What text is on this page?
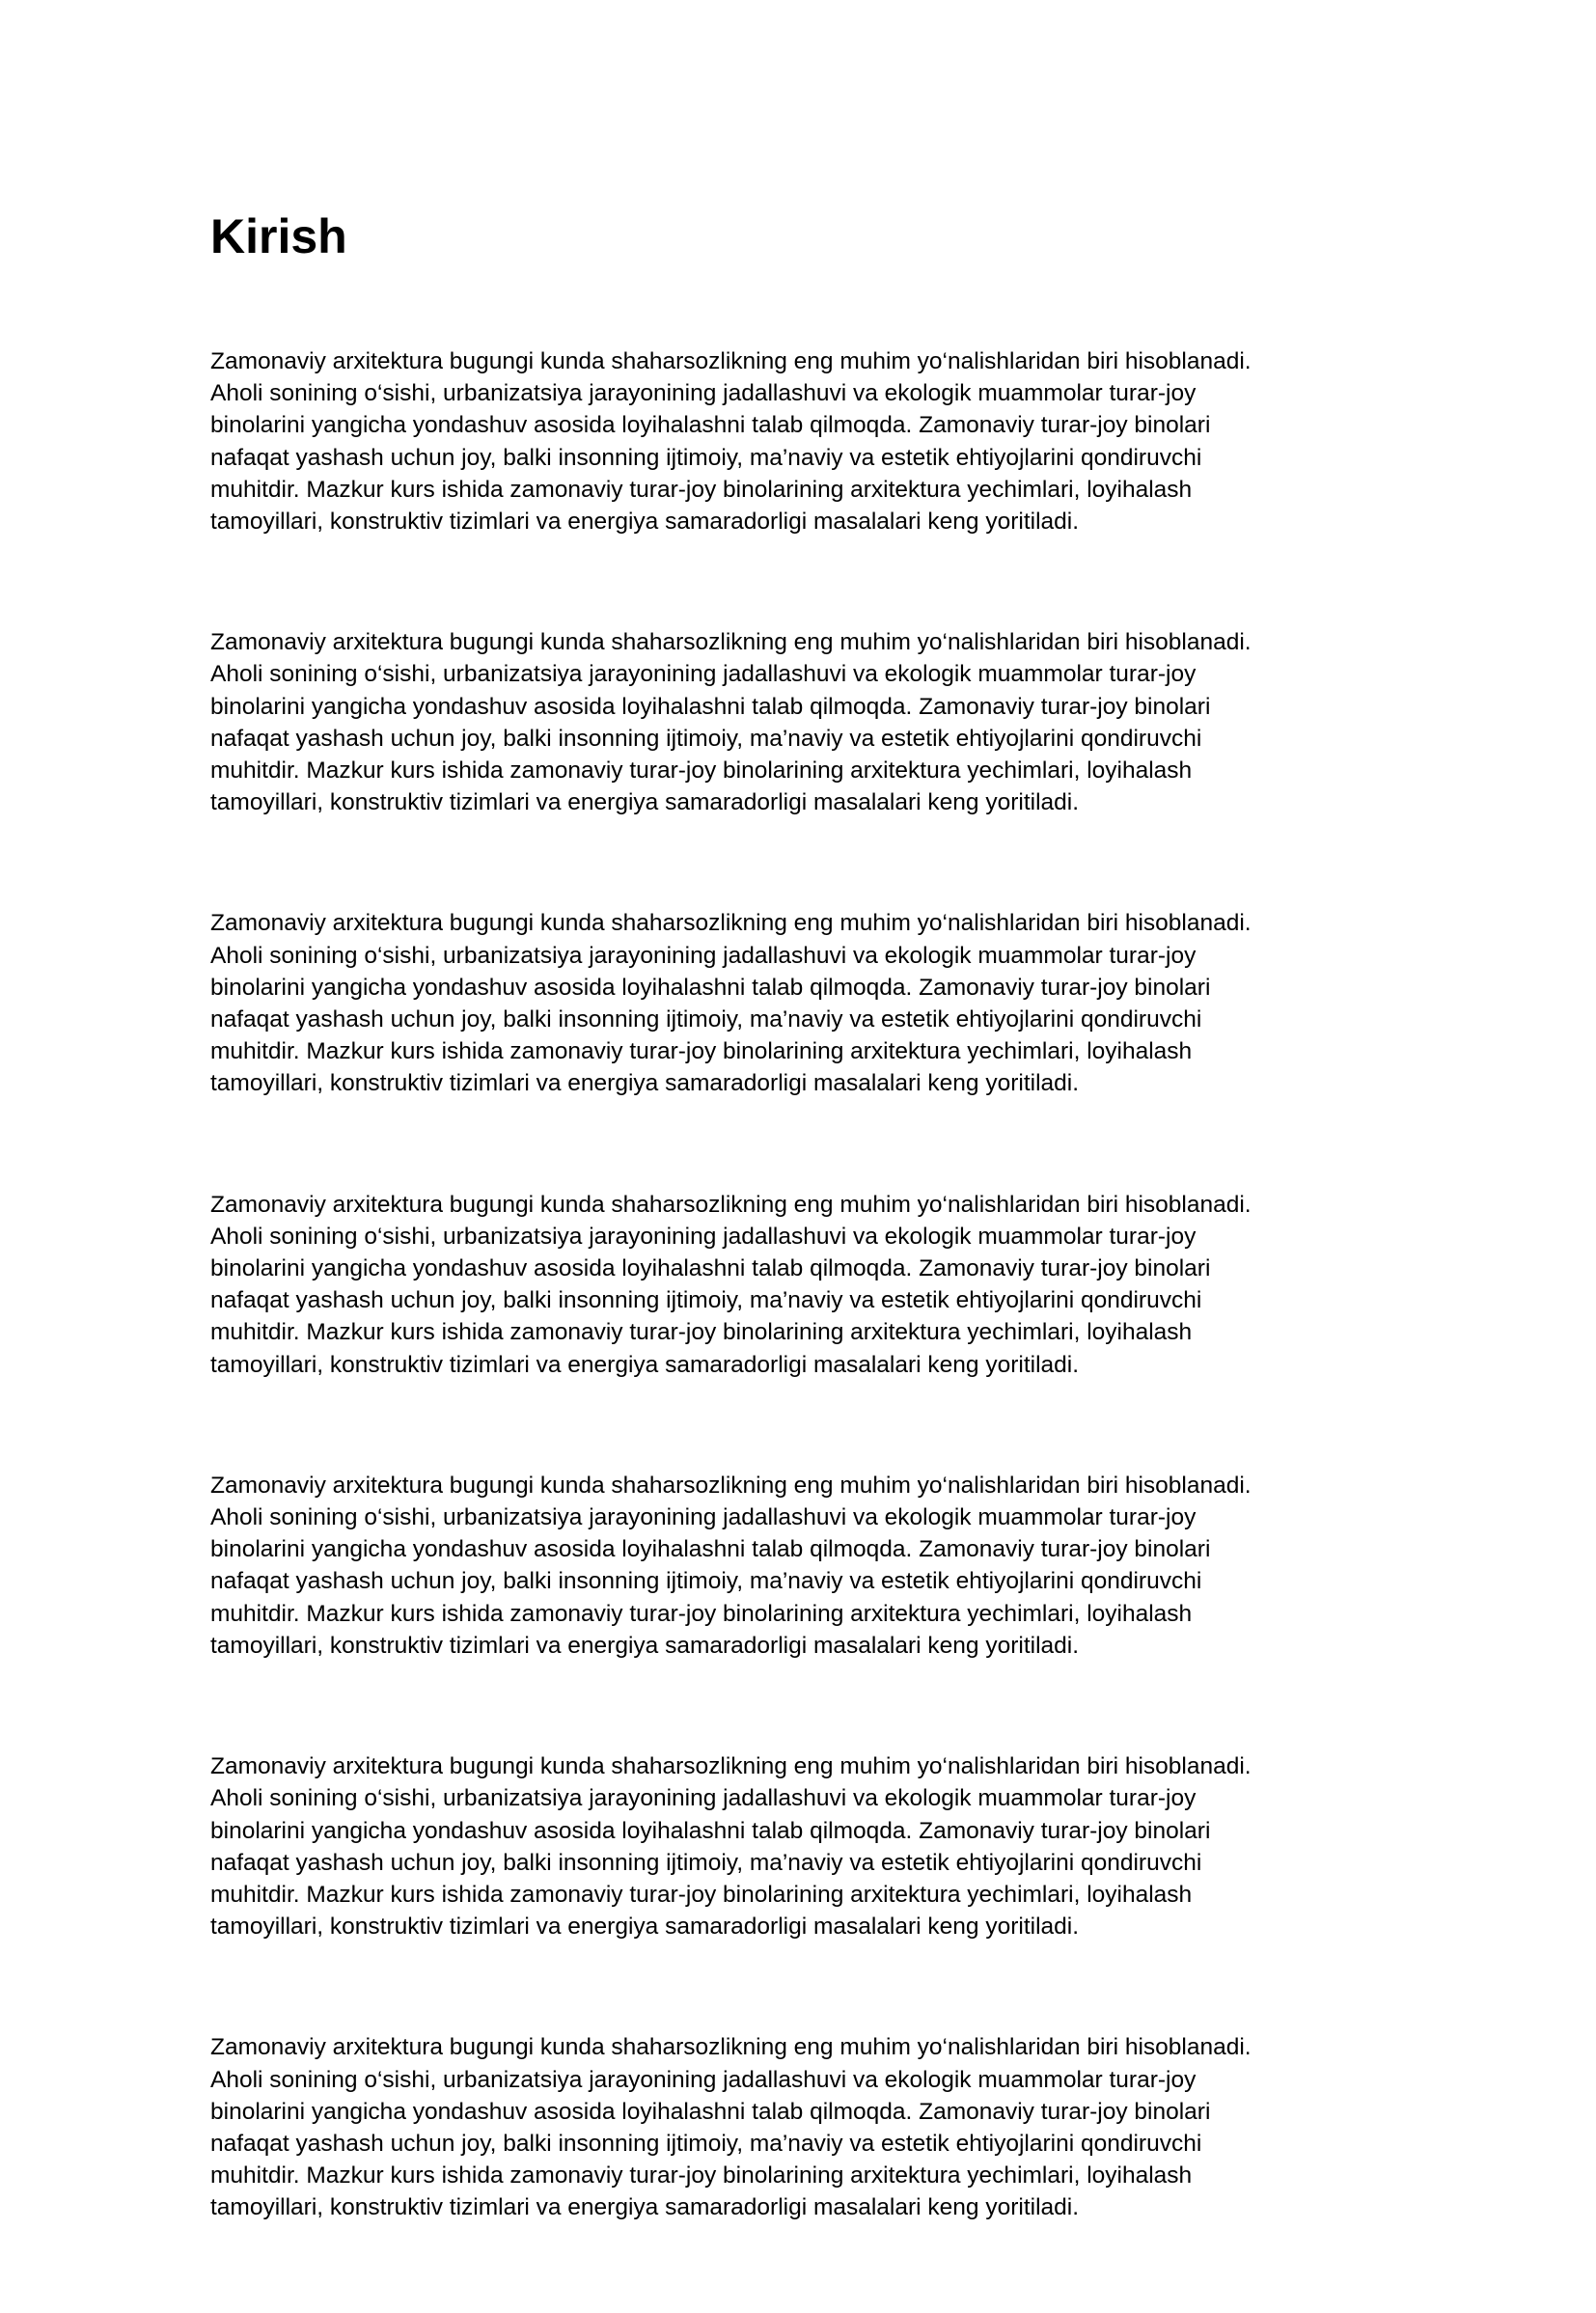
Kirish

Zamonaviy arxitektura bugungi kunda shaharsozlikning eng muhim yo‘nalishlaridan biri hisoblanadi.
Aholi sonining o‘sishi, urbanizatsiya jarayonining jadallashuvi va ekologik muammolar turar-joy
binolarini yangicha yondashuv asosida loyihalashni talab qilmoqda. Zamonaviy turar-joy binolari
nafaqat yashash uchun joy, balki insonning ijtimoiy, ma’naviy va estetik ehtiyojlarini qondiruvchi
muhitdir. Mazkur kurs ishida zamonaviy turar-joy binolarining arxitektura yechimlari, loyihalash
tamoyillari, konstruktiv tizimlari va energiya samaradorligi masalalari keng yoritiladi.

Zamonaviy arxitektura bugungi kunda shaharsozlikning eng muhim yo‘nalishlaridan biri hisoblanadi.
Aholi sonining o‘sishi, urbanizatsiya jarayonining jadallashuvi va ekologik muammolar turar-joy
binolarini yangicha yondashuv asosida loyihalashni talab qilmoqda. Zamonaviy turar-joy binolari
nafaqat yashash uchun joy, balki insonning ijtimoiy, ma’naviy va estetik ehtiyojlarini qondiruvchi
muhitdir. Mazkur kurs ishida zamonaviy turar-joy binolarining arxitektura yechimlari, loyihalash
tamoyillari, konstruktiv tizimlari va energiya samaradorligi masalalari keng yoritiladi.

Zamonaviy arxitektura bugungi kunda shaharsozlikning eng muhim yo‘nalishlaridan biri hisoblanadi.
Aholi sonining o‘sishi, urbanizatsiya jarayonining jadallashuvi va ekologik muammolar turar-joy
binolarini yangicha yondashuv asosida loyihalashni talab qilmoqda. Zamonaviy turar-joy binolari
nafaqat yashash uchun joy, balki insonning ijtimoiy, ma’naviy va estetik ehtiyojlarini qondiruvchi
muhitdir. Mazkur kurs ishida zamonaviy turar-joy binolarining arxitektura yechimlari, loyihalash
tamoyillari, konstruktiv tizimlari va energiya samaradorligi masalalari keng yoritiladi.

Zamonaviy arxitektura bugungi kunda shaharsozlikning eng muhim yo‘nalishlaridan biri hisoblanadi.
Aholi sonining o‘sishi, urbanizatsiya jarayonining jadallashuvi va ekologik muammolar turar-joy
binolarini yangicha yondashuv asosida loyihalashni talab qilmoqda. Zamonaviy turar-joy binolari
nafaqat yashash uchun joy, balki insonning ijtimoiy, ma’naviy va estetik ehtiyojlarini qondiruvchi
muhitdir. Mazkur kurs ishida zamonaviy turar-joy binolarining arxitektura yechimlari, loyihalash
tamoyillari, konstruktiv tizimlari va energiya samaradorligi masalalari keng yoritiladi.

Zamonaviy arxitektura bugungi kunda shaharsozlikning eng muhim yo‘nalishlaridan biri hisoblanadi.
Aholi sonining o‘sishi, urbanizatsiya jarayonining jadallashuvi va ekologik muammolar turar-joy
binolarini yangicha yondashuv asosida loyihalashni talab qilmoqda. Zamonaviy turar-joy binolari
nafaqat yashash uchun joy, balki insonning ijtimoiy, ma’naviy va estetik ehtiyojlarini qondiruvchi
muhitdir. Mazkur kurs ishida zamonaviy turar-joy binolarining arxitektura yechimlari, loyihalash
tamoyillari, konstruktiv tizimlari va energiya samaradorligi masalalari keng yoritiladi.

Zamonaviy arxitektura bugungi kunda shaharsozlikning eng muhim yo‘nalishlaridan biri hisoblanadi.
Aholi sonining o‘sishi, urbanizatsiya jarayonining jadallashuvi va ekologik muammolar turar-joy
binolarini yangicha yondashuv asosida loyihalashni talab qilmoqda. Zamonaviy turar-joy binolari
nafaqat yashash uchun joy, balki insonning ijtimoiy, ma’naviy va estetik ehtiyojlarini qondiruvchi
muhitdir. Mazkur kurs ishida zamonaviy turar-joy binolarining arxitektura yechimlari, loyihalash
tamoyillari, konstruktiv tizimlari va energiya samaradorligi masalalari keng yoritiladi.

Zamonaviy arxitektura bugungi kunda shaharsozlikning eng muhim yo‘nalishlaridan biri hisoblanadi.
Aholi sonining o‘sishi, urbanizatsiya jarayonining jadallashuvi va ekologik muammolar turar-joy
binolarini yangicha yondashuv asosida loyihalashni talab qilmoqda. Zamonaviy turar-joy binolari
nafaqat yashash uchun joy, balki insonning ijtimoiy, ma’naviy va estetik ehtiyojlarini qondiruvchi
muhitdir. Mazkur kurs ishida zamonaviy turar-joy binolarining arxitektura yechimlari, loyihalash
tamoyillari, konstruktiv tizimlari va energiya samaradorligi masalalari keng yoritiladi.
